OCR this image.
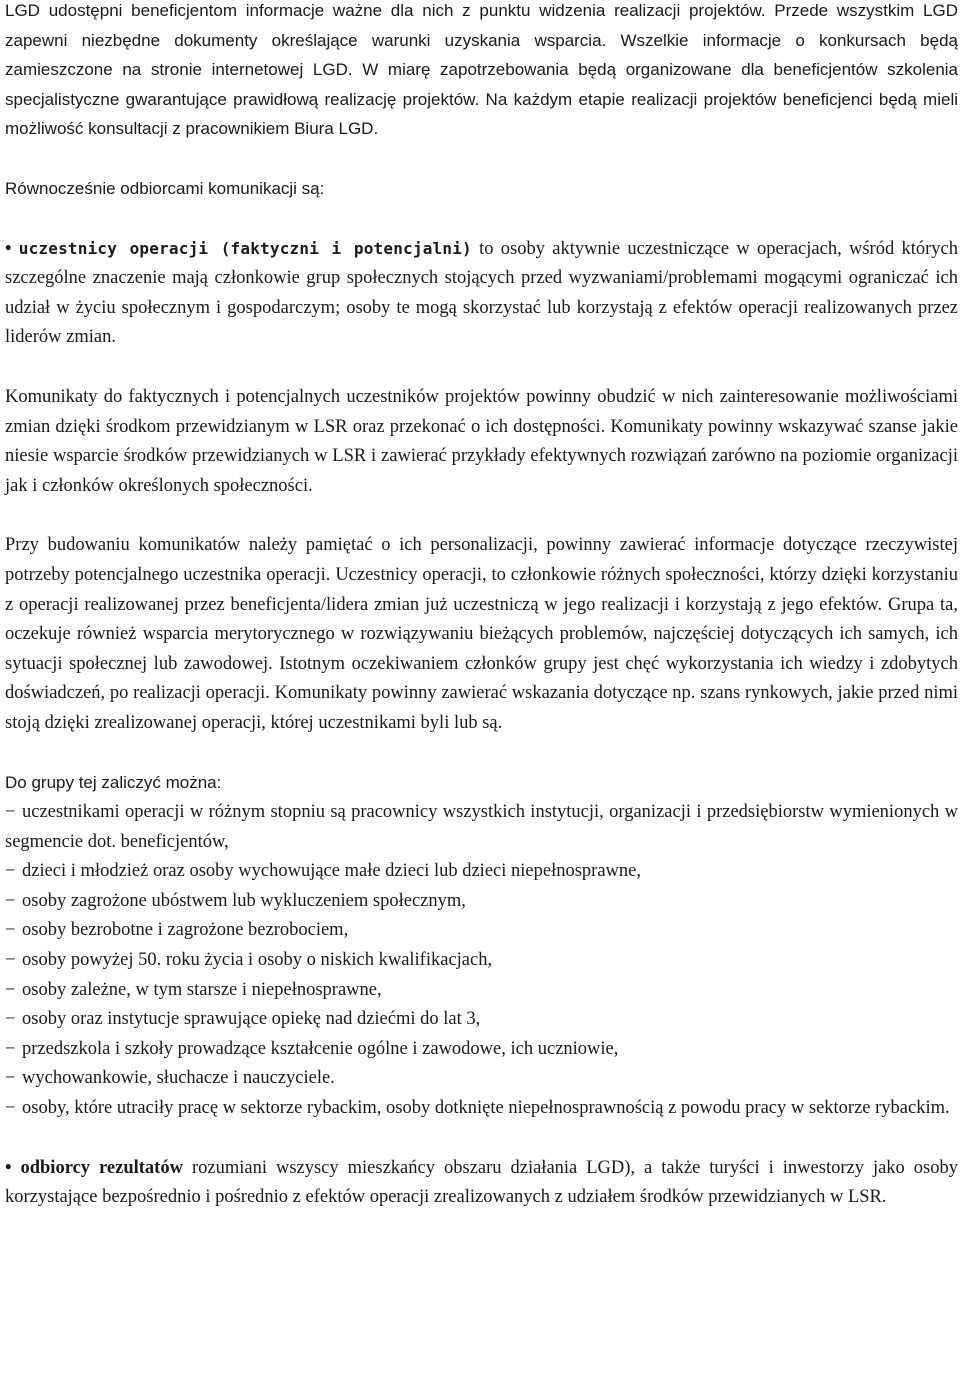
LGD udostępni beneficjentom informacje ważne dla nich z punktu widzenia realizacji projektów. Przede wszystkim LGD zapewni niezbędne dokumenty określające warunki uzyskania wsparcia. Wszelkie informacje o konkursach będą zamieszczone na stronie internetowej LGD. W miarę zapotrzebowania będą organizowane dla beneficjentów szkolenia specjalistyczne gwarantujące prawidłową realizację projektów. Na każdym etapie realizacji projektów beneficjenci będą mieli możliwość konsultacji z pracownikiem Biura LGD.

Równocześnie odbiorcami komunikacji są:

• uczestnicy operacji (faktyczni i potencjalni) to osoby aktywnie uczestniczące w operacjach, wśród których szczególne znaczenie mają członkowie grup społecznych stojących przed wyzwaniami/problemami mogącymi ograniczać ich udział w życiu społecznym i gospodarczym; osoby te mogą skorzystać lub korzystają z efektów operacji realizowanych przez liderów zmian.

Komunikaty do faktycznych i potencjalnych uczestników projektów powinny obudzić w nich zainteresowanie możliwościami zmian dzięki środkom przewidzianym w LSR oraz przekonać o ich dostępności. Komunikaty powinny wskazywać szanse jakie niesie wsparcie środków przewidzianych w LSR i zawierać przykłady efektywnych rozwiązań zarówno na poziomie organizacji jak i członków określonych społeczności.

Przy budowaniu komunikatów należy pamiętać o ich personalizacji, powinny zawierać informacje dotyczące rzeczywistej potrzeby potencjalnego uczestnika operacji. Uczestnicy operacji, to członkowie różnych społeczności, którzy dzięki korzystaniu z operacji realizowanej przez beneficjenta/lidera zmian już uczestniczą w jego realizacji i korzystają z jego efektów. Grupa ta, oczekuje również wsparcia merytorycznego w rozwiązywaniu bieżących problemów, najczęściej dotyczących ich samych, ich sytuacji społecznej lub zawodowej. Istotnym oczekiwaniem członków grupy jest chęć wykorzystania ich wiedzy i zdobytych doświadczeń, po realizacji operacji. Komunikaty powinny zawierać wskazania dotyczące np. szans rynkowych, jakie przed nimi stoją dzięki zrealizowanej operacji, której uczestnikami byli lub są.

Do grupy tej zaliczyć można:

− uczestnikami operacji w różnym stopniu są pracownicy wszystkich instytucji, organizacji i przedsiębiorstw wymienionych w segmencie dot. beneficjentów,
− dzieci i młodzież oraz osoby wychowujące małe dzieci lub dzieci niepełnosprawne,
− osoby zagrożone ubóstwem lub wykluczeniem społecznym,
− osoby bezrobotne i zagrożone bezrobociem,
− osoby powyżej 50. roku życia i osoby o niskich kwalifikacjach,
− osoby zależne, w tym starsze i niepełnosprawne,
− osoby oraz instytucje sprawujące opiekę nad dziećmi do lat 3,
− przedszkola i szkoły prowadzące kształcenie ogólne i zawodowe, ich uczniowie,
− wychowankowie, słuchacze i nauczyciele.
− osoby, które utraciły pracę w sektorze rybackim, osoby dotknięte niepełnosprawnością z powodu pracy w sektorze rybackim.

• odbiorcy rezultatów rozumiani wszyscy mieszkańcy obszaru działania LGD), a także turyści i inwestorzy jako osoby korzystające bezpośrednio i pośrednio z efektów operacji zrealizowanych z udziałem środków przewidzianych w LSR.
